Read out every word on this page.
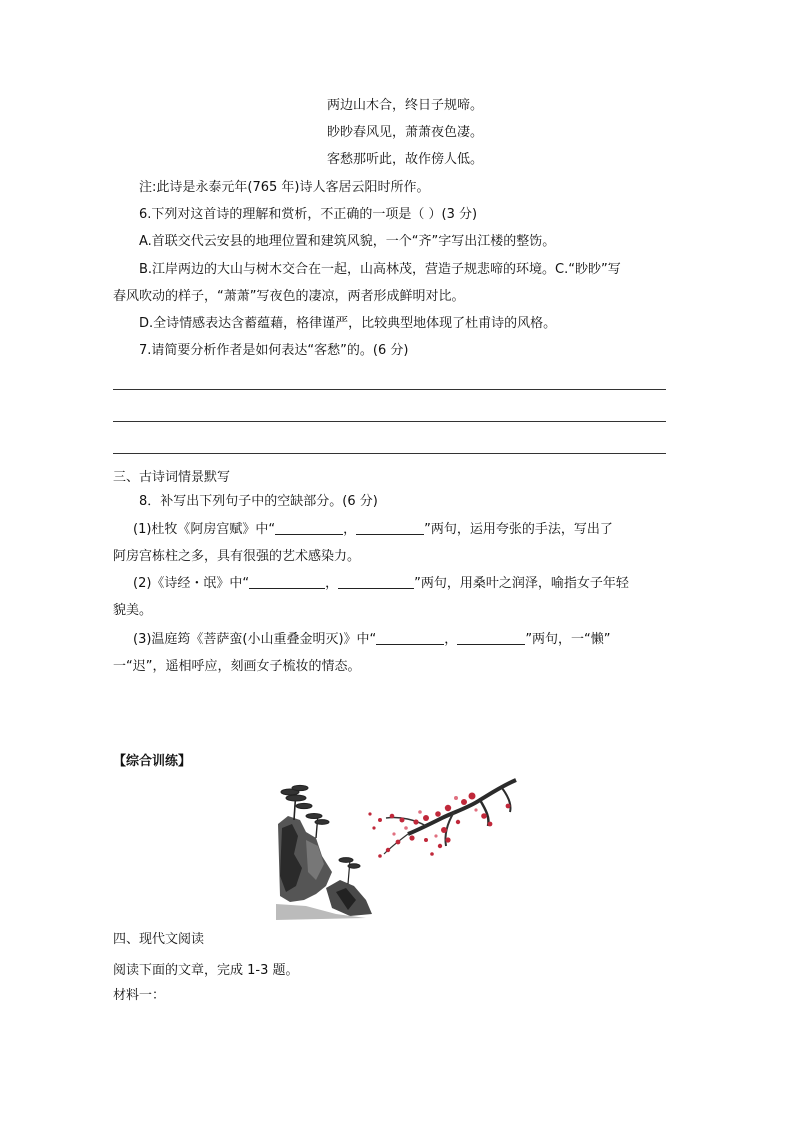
两边山木合，终日子规啼。
眇眇春风见，萧萧夜色凄。
客愁那听此，故作傍人低。
注:此诗是永泰元年(765 年)诗人客居云阳时所作。
6.下列对这首诗的理解和赏析，不正确的一项是（ ）(3 分)
A.首联交代云安县的地理位置和建筑风貌，一个“齐”字写出江楼的整饬。
B.江岸两边的大山与树木交合在一起，山高林茂，营造子规悲啼的环境。C.“眇眇”写
春风吹动的样子，“萧萧”写夜色的凄凉，两者形成鲜明对比。
D.全诗情感表达含蓄蕴藉，格律谨严，比较典型地体现了杜甫诗的风格。
7.请简要分析作者是如何表达“客愁”的。(6 分)
三、古诗词情景默写
8．补写出下列句子中的空缺部分。(6 分)
(1)杜牧《阿房宫赋》中“	，	”两句，运用夸张的手法，写出了
阿房宫栋柱之多，具有很强的艺术感染力。
(2)《诗经・氓》中“	，	”两句，用桑叶之润泽，喻指女子年轻
貌美。
(3)温庭筠《菩萨蛮(小山重叠金明灭)》中“	，	”两句，一“懒”
一“迟”，遥相呼应，刻画女子梳妆的情态。
【综合训练】
四、现代文阅读
阅读下面的文章，完成 1-3 题。
材料一：
